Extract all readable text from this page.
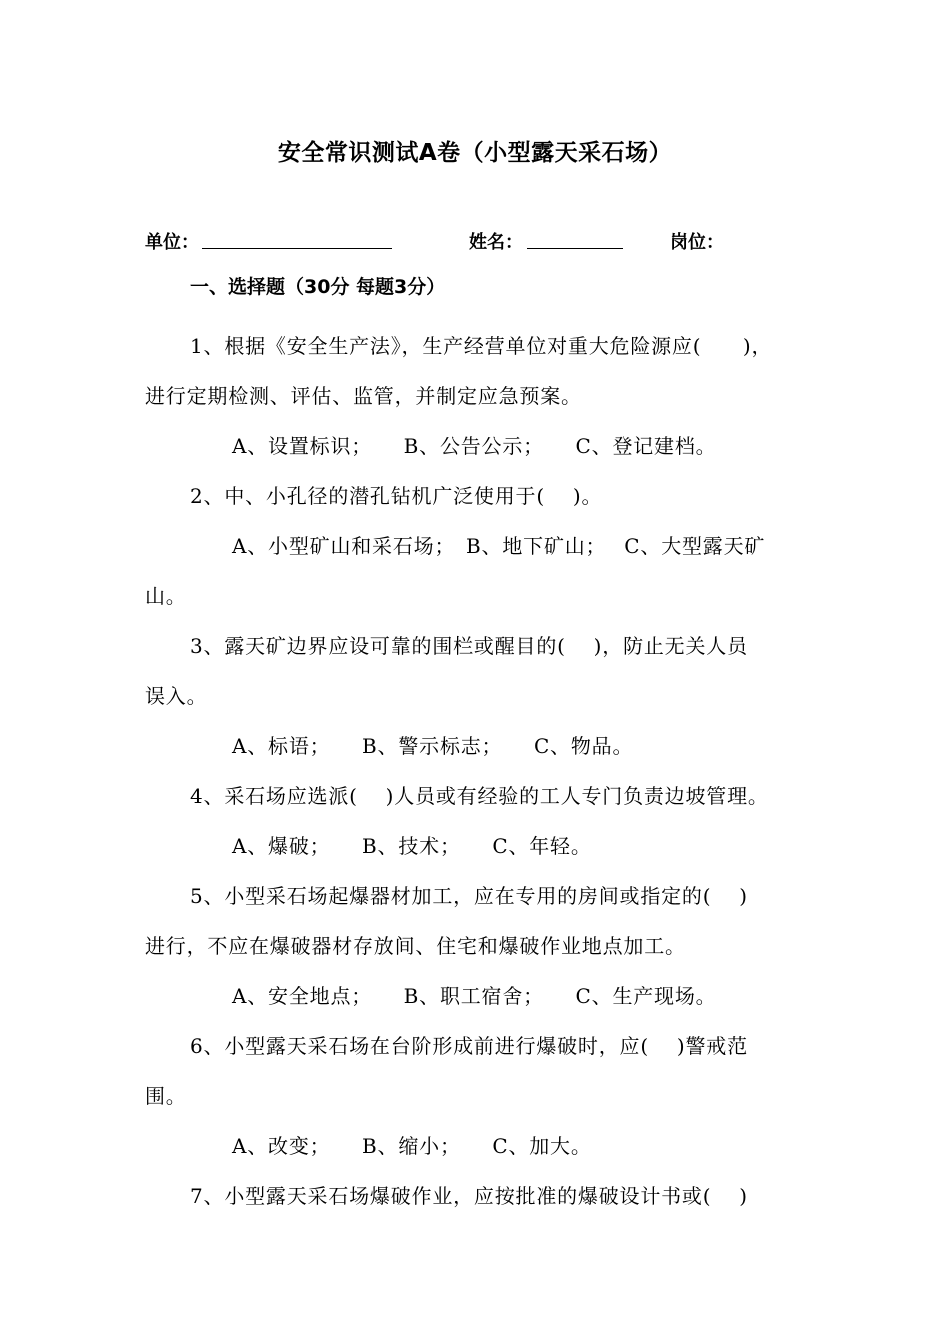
安全常识测试A卷（小型露天采石场）
单位：	姓名：	岗位：
一、选择题（30分 每题3分）
1、根据《安全生产法》，生产经营单位对重大危险源应(　　)，
进行定期检测、评估、监管，并制定应急预案。
A、设置标识；　　B、公告公示；　　C、登记建档。
2、中、小孔径的潜孔钻机广泛使用于(　 )。
A、小型矿山和采石场；　B、地下矿山；　 C、大型露天矿
山。
3、露天矿边界应设可靠的围栏或醒目的(　 )，防止无关人员
误入。
A、标语；　　B、警示标志；　　C、物品。
4、采石场应选派(　 )人员或有经验的工人专门负责边坡管理。
A、爆破；　　B、技术；　　C、年轻。
5、小型采石场起爆器材加工，应在专用的房间或指定的(　 )
进行，不应在爆破器材存放间、住宅和爆破作业地点加工。
A、安全地点；　　B、职工宿舍；　　C、生产现场。
6、小型露天采石场在台阶形成前进行爆破时，应(　 )警戒范
围。
A、改变；　　B、缩小；　　C、加大。
7、小型露天采石场爆破作业，应按批准的爆破设计书或(　 )
